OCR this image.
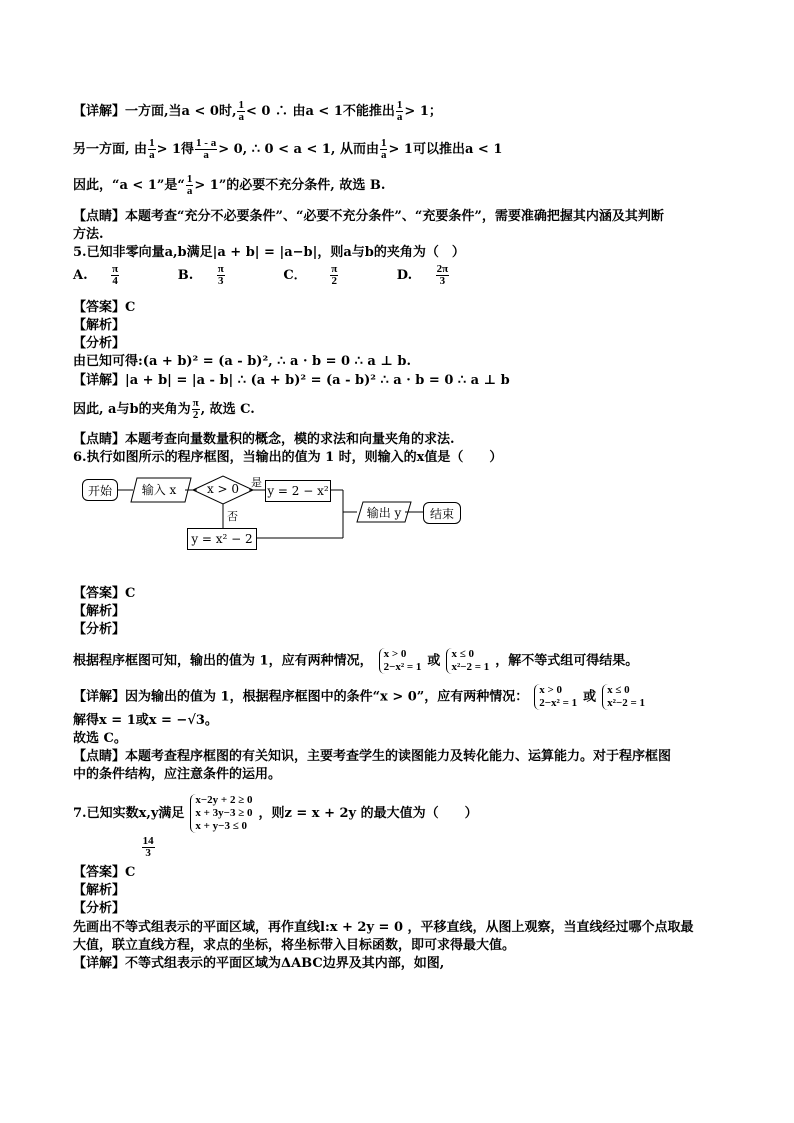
【详解】一方面,当a < 0时, $\frac{1}{a} < 0$ ∴ 由a < 1不能推出 $\frac{1}{a} > 1$；
另一方面, 由 $\frac{1}{a} > 1$得 $\frac{1 - a}{a} > 0$, ∴ 0 < a < 1, 从而由 $\frac{1}{a} > 1$可以推出a < 1
因此，“a < 1”是“ $\frac{1}{a} > 1$”的必要不充分条件, 故选 B.
【点睛】本题考查“充分不必要条件”、“必要不充分条件”、“充要条件”，需要准确把握其内涵及其判断
方法.
5.已知非零向量a,b满足|a + b| = |a−b|，则a与b的夹角为（　）
A. $\frac{\pi}{4}$	B. $\frac{\pi}{3}$	C． $\frac{\pi}{2}$	D. $\frac{2\pi}{3}$
【答案】C
【解析】
【分析】
由已知可得:(a + b)² = (a - b)², ∴ a · b = 0 ∴ a ⊥ b.
【详解】|a + b| = |a - b| ∴ (a + b)² = (a - b)² ∴ a · b = 0 ∴ a ⊥ b
因此, a与b的夹角为 $\frac{\pi}{2}$ , 故选 C.
【点睛】本题考查向量数量积的概念，模的求法和向量夹角的求法.
6.执行如图所示的程序框图，当输出的值为 1 时，则输入的x值是（　　）
开始	输入 x	x > 0	是
否
y = 2 − x²
y = x² − 2
输出 y	结束

【答案】C
【解析】
【分析】
根据程序框图可知，输出的值为 1，应有两种情况， x > 0
2−x² = 1 或 x ≤ 0
x²−2 = 1 ，解不等式组可得结果。
【详解】因为输出的值为 1，根据程序框图中的条件“x > 0”，应有两种情况： x > 0
2−x² = 1 或 x ≤ 0
x²−2 = 1
解得x = 1或x = −√3。
故选 C。
【点睛】本题考查程序框图的有关知识，主要考查学生的读图能力及转化能力、运算能力。对于程序框图
中的条件结构，应注意条件的运用。
7.已知实数x,y满足
x−2y + 2 ≥ 0
x + 3y−3 ≥ 0
x + y−3 ≤ 0
，则z = x + 2y 的最大值为（　　）

$\frac{14}{3}$

【答案】C
【解析】
【分析】
先画出不等式组表示的平面区域，再作直线l:x + 2y = 0 ，平移直线，从图上观察，当直线经过哪个点取最
大值，联立直线方程，求点的坐标，将坐标带入目标函数，即可求得最大值。
【详解】不等式组表示的平面区域为ΔABC边界及其内部，如图,
